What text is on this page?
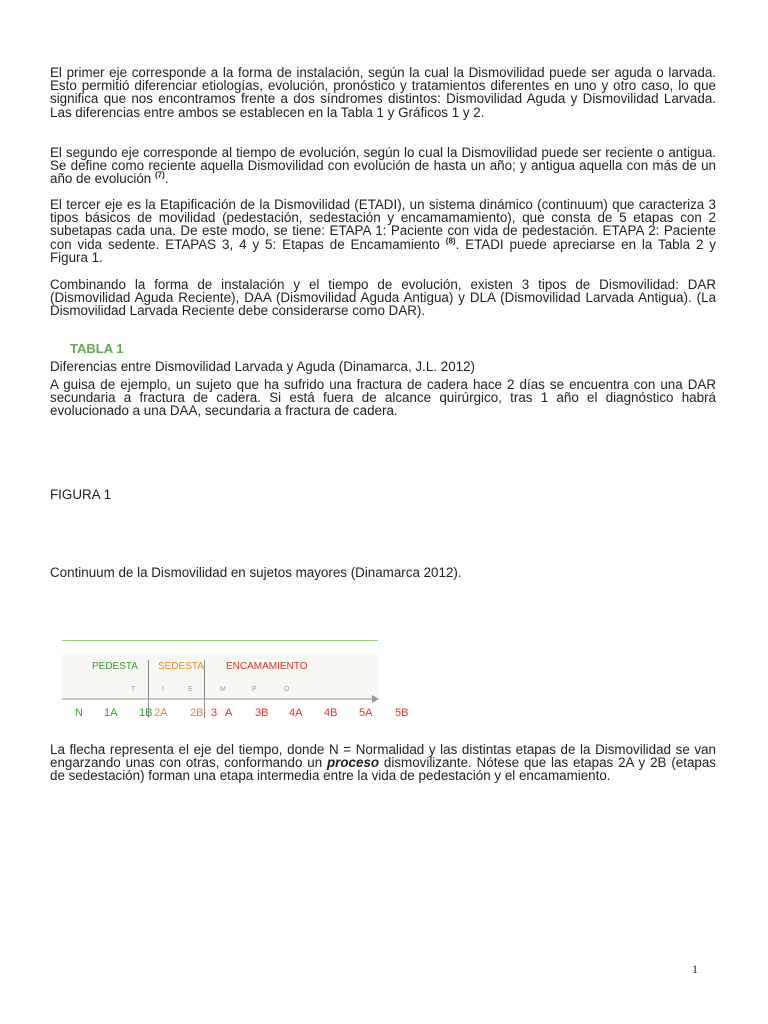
El primer eje corresponde a la forma de instalación, según la cual la Dismovilidad puede ser aguda o larvada. Esto permitió diferenciar etiologías, evolución, pronóstico y tratamientos diferentes en uno y otro caso, lo que significa que nos encontramos frente a dos síndromes distintos: Dismovilidad Aguda y Dismovilidad Larvada. Las diferencias entre ambos se establecen en la Tabla 1 y Gráficos 1 y 2.

El segundo eje corresponde al tiempo de evolución, según lo cual la Dismovilidad puede ser reciente o antigua. Se define como reciente aquella Dismovilidad con evolución de hasta un año; y antigua aquella con más de un año de evolución $^{(7)}$.

El tercer eje es la Etapificación de la Dismovilidad (ETADI), un sistema dinámico (continuum) que caracteriza 3 tipos básicos de movilidad (pedestación, sedestación y encamamamiento), que consta de 5 etapas con 2 subetapas cada una. De este modo, se tiene: ETAPA 1: Paciente con vida de pedestación. ETAPA 2: Paciente con vida sedente. ETAPAS 3, 4 y 5: Etapas de Encamamiento $^{(8)}$. ETADI puede apreciarse en la Tabla 2 y Figura 1.

Combinando la forma de instalación y el tiempo de evolución, existen 3 tipos de Dismovilidad: DAR (Dismovilidad Aguda Reciente), DAA (Dismovilidad Aguda Antigua) y DLA (Dismovilidad Larvada Antigua). (La Dismovilidad Larvada Reciente debe considerarse como DAR).

TABLA 1
Diferencias entre Dismovilidad Larvada y Aguda (Dinamarca, J.L. 2012)

A guisa de ejemplo, un sujeto que ha sufrido una fractura de cadera hace 2 días se encuentra con una DAR secundaria a fractura de cadera. Si está fuera de alcance quirúrgico, tras 1 año el diagnóstico habrá evolucionado a una DAA, secundaria a fractura de cadera.

FIGURA 1
Continuum de la Dismovilidad en sujetos mayores (Dinamarca 2012).
PEDESTA SEDESTA ENCAMAMIENTO
T	I	E	M	P	O
N 1A 1B 2A 2B 3 A 3B 4A 4B 5A 5B

La flecha representa el eje del tiempo, donde N = Normalidad y las distintas etapas de la Dismovilidad se van engarzando unas con otras, conformando un proceso dismovilizante. Nótese que las etapas 2A y 2B (etapas de sedestación) forman una etapa intermedia entre la vida de pedestación y el encamamiento.

1
